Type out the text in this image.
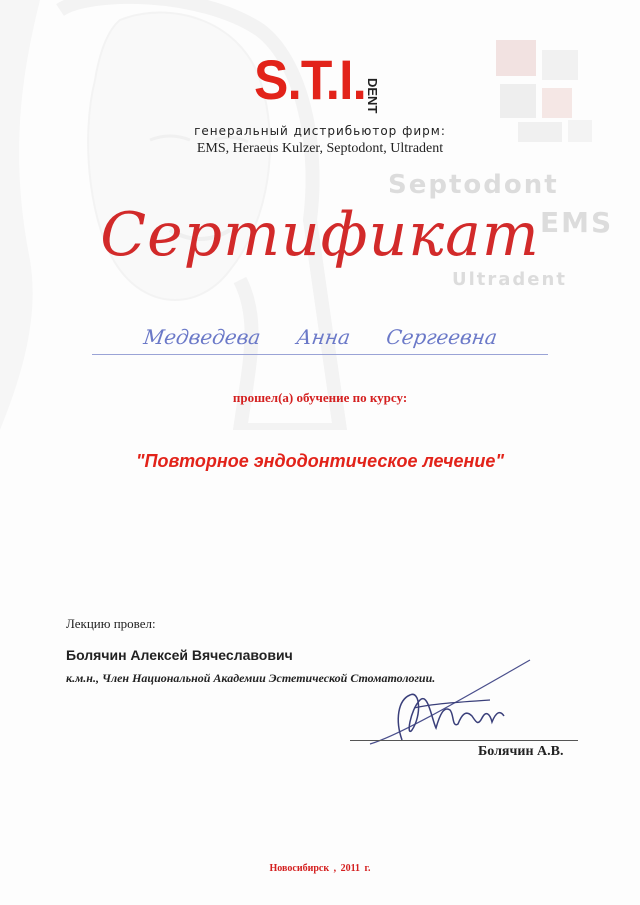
Septodont
EMS
Ultradent
S.T.I. DENT
генеральный дистрибьютор фирм:
EMS, Heraeus Kulzer, Septodont, Ultradent
Сертификат
Медведева Анна Сергеевна
прошел(а) обучение по курсу:
"Повторное эндодонтическое лечение"
Лекцию провел:
Болячин Алексей Вячеславович
к.м.н., Член Национальной Академии Эстетической Стоматологии.
Болячин А.В.
Новосибирск , 2011 г.
